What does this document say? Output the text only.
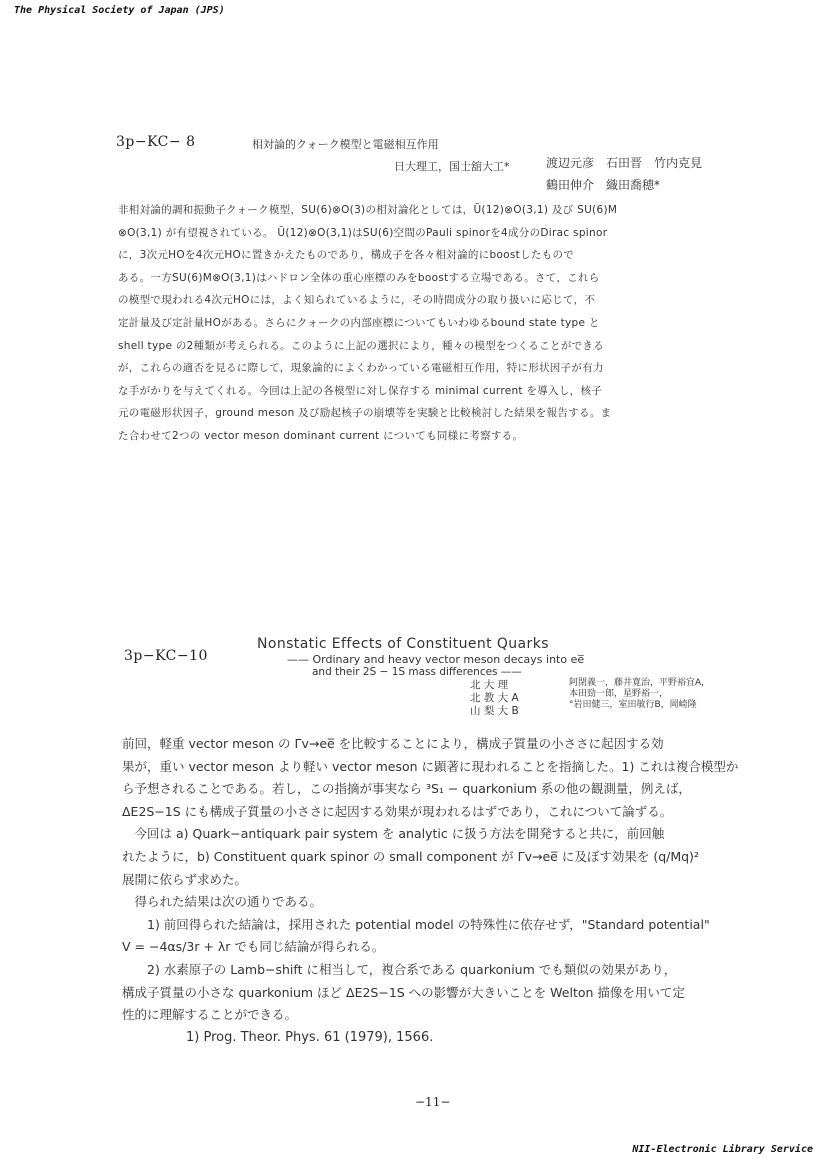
The Physical Society of Japan (JPS)
3p−KC− 8	相対論的クォーク模型と電磁相互作用
日大理工，国士舘大工*	渡辺元彦　石田晋　竹内克見
鶴田伸介　織田喬穂*
非相対論的調和振動子クォーク模型，SU(6)⊗O(3)の相対論化としては，Ũ(12)⊗O(3,1) 及び SU(6)M
⊗O(3,1) が有望視されている。 Ũ(12)⊗O(3,1)はSU(6)空間のPauli spinorを4成分のDirac spinor
に，3次元HOを4次元HOに置きかえたものであり，構成子を各々相対論的にboostしたもので
ある。一方SU(6)M⊗O(3,1)はハドロン全体の重心座標のみをboostする立場である。さて，これら
の模型で現われる4次元HOには，よく知られているように，その時間成分の取り扱いに応じて，不
定計量及び定計量HOがある。さらにクォークの内部座標についてもいわゆるbound state type と
shell type の2種類が考えられる。このように上記の選択により，種々の模型をつくることができる
が，これらの適否を見るに際して，現象論的によくわかっている電磁相互作用，特に形状因子が有力
な手がかりを与えてくれる。今回は上記の各模型に対し保存する minimal current を導入し，核子
元の電磁形状因子，ground meson 及び励起核子の崩壊等を実験と比較検討した結果を報告する。ま
た合わせて2つの vector meson dominant current についても同様に考察する。
3p−KC−10
Nonstatic Effects of Constituent Quarks
—— Ordinary and heavy vector meson decays into ee̅
and their 2S − 1S mass differences ——
北 大 理
北 教 大 A
山 梨 大 B
阿閉義一，藤井寛治，平野裕宜A，
本田勁一郎，星野裕一，
°岩田健三，室田敏行B，岡崎隆

前回，軽重 vector meson の Γv→ee̅ を比較することにより，構成子質量の小ささに起因する効

果が，重い vector meson より軽い vector meson に顕著に現われることを指摘した。1) これは複合模型か

ら予想されることである。若し，この指摘が事実なら ³S₁ − quarkonium 系の他の観測量，例えば，

ΔE2S−1S にも構成子質量の小ささに起因する効果が現われるはずであり，これについて論ずる。

　今回は a) Quark−antiquark pair system を analytic に扱う方法を開発すると共に，前回触

れたように，b) Constituent quark spinor の small component が Γv→ee̅ に及ぼす効果を (q/Mq)²

展開に依らず求めた。

　得られた結果は次の通りである。

　　1) 前回得られた結論は，採用された potential model の特殊性に依存せず，"Standard potential"

V = −4αs/3r + λr でも同じ結論が得られる。

　　2) 水素原子の Lamb−shift に相当して，複合系である quarkonium でも類似の効果があり，

構成子質量の小さな quarkonium ほど ΔE2S−1S への影響が大きいことを Welton 描像を用いて定

性的に理解することができる。

1) Prog. Theor. Phys. 61 (1979), 1566.
−11−
NII-Electronic Library Service
